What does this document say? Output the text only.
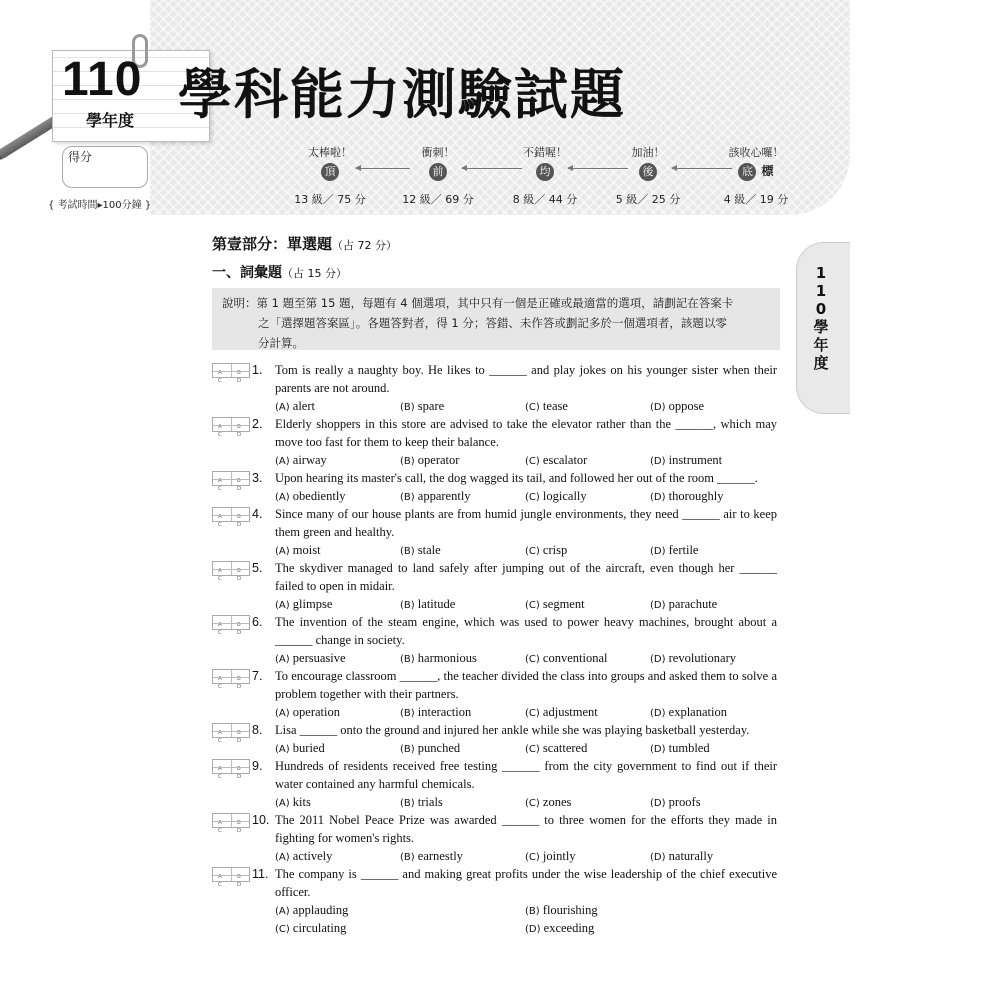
110
學年度 學科能力測驗試題
得分
{ 考試時間▸100分鐘 }
太棒啦！
頂
13 級／ 75 分
衝刺！
前
12 級／ 69 分
不錯喔！
均
8 級／ 44 分
加油！
後
5 級／ 25 分
該收心囉！
底 標
4 級／ 19 分
1
1
0
學
年
度
第壹部分：單選題（占 72 分）
一、詞彙題（占 15 分）
說明：第 1 題至第 15 題，每題有 4 個選項，其中只有一個是正確或最適當的選項，請劃記在答案卡
之「選擇題答案區」。各題答對者，得 1 分；答錯、未作答或劃記多於一個選項者，該題以零
分計算。
A	B
C	D
1. Tom is really a naughty boy. He likes to ______ and play jokes on his younger sister when their parents are not around.
(A) alert	(B) spare	(C) tease	(D) oppose
A	B
C	D
2. Elderly shoppers in this store are advised to take the elevator rather than the ______, which may move too fast for them to keep their balance.
(A) airway	(B) operator	(C) escalator	(D) instrument
A	B
C	D
3. Upon hearing its master's call, the dog wagged its tail, and followed her out of the room ______.
(A) obediently	(B) apparently	(C) logically	(D) thoroughly
A	B
C	D
4. Since many of our house plants are from humid jungle environments, they need ______ air to keep them green and healthy.
(A) moist	(B) stale	(C) crisp	(D) fertile
A	B
C	D
5. The skydiver managed to land safely after jumping out of the aircraft, even though her ______ failed to open in midair.
(A) glimpse	(B) latitude	(C) segment	(D) parachute
A	B
C	D
6. The invention of the steam engine, which was used to power heavy machines, brought about a ______ change in society.
(A) persuasive	(B) harmonious	(C) conventional	(D) revolutionary
A	B
C	D
7. To encourage classroom ______, the teacher divided the class into groups and asked them to solve a problem together with their partners.
(A) operation	(B) interaction	(C) adjustment	(D) explanation
A	B
C	D
8. Lisa ______ onto the ground and injured her ankle while she was playing basketball yesterday.
(A) buried	(B) punched	(C) scattered	(D) tumbled
A	B
C	D
9. Hundreds of residents received free testing ______ from the city government to find out if their water contained any harmful chemicals.
(A) kits	(B) trials	(C) zones	(D) proofs
A	B
C	D
10. The 2011 Nobel Peace Prize was awarded ______ to three women for the efforts they made in fighting for women's rights.
(A) actively	(B) earnestly	(C) jointly	(D) naturally
A	B
C	D
11. The company is ______ and making great profits under the wise leadership of the chief executive officer.
(A) applauding	(B) flourishing
(C) circulating	(D) exceeding
